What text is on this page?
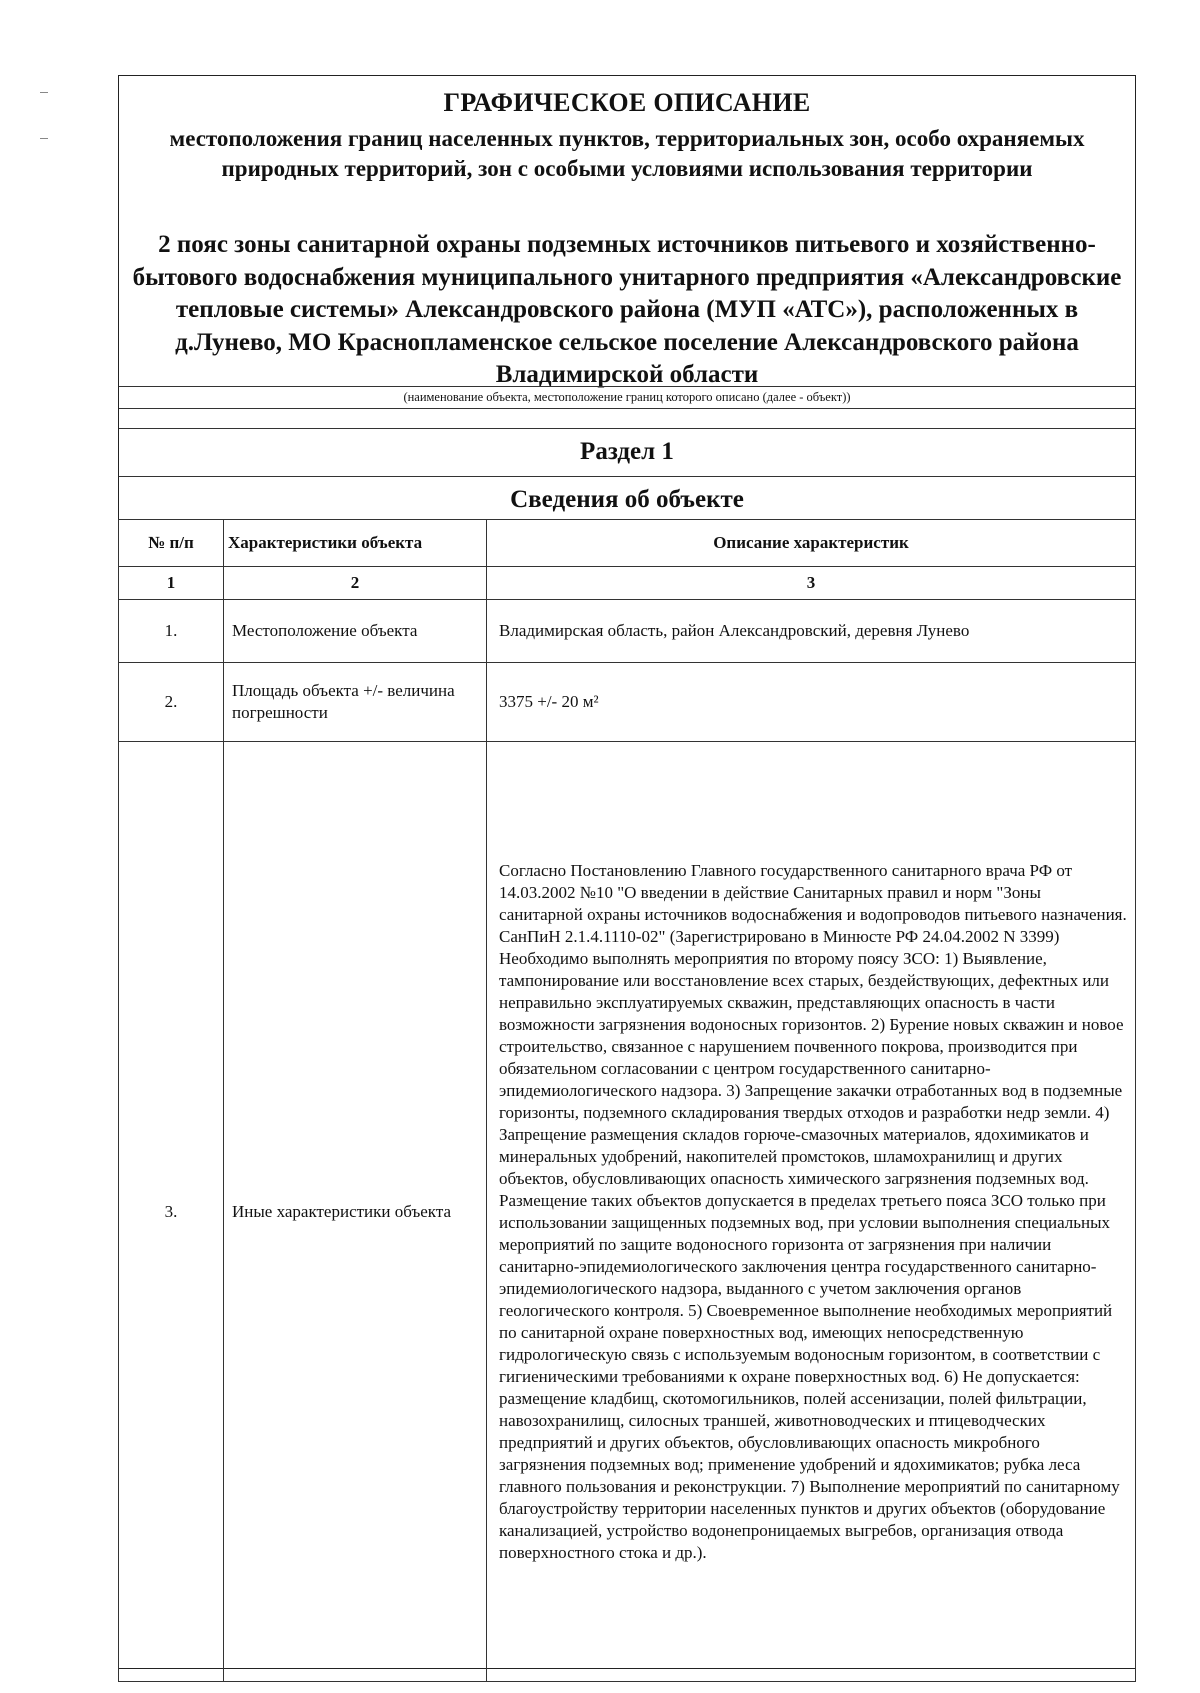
ГРАФИЧЕСКОЕ ОПИСАНИЕ
местоположения границ населенных пунктов, территориальных зон, особо охраняемых природных территорий, зон с особыми условиями использования территории
2 пояс зоны санитарной охраны подземных источников питьевого и хозяйственно-бытового водоснабжения муниципального унитарного предприятия «Александровские тепловые системы» Александровского района (МУП «АТС»), расположенных в д.Лунево, МО Краснопламенское сельское поселение Александровского района Владимирской области
(наименование объекта, местоположение границ которого описано (далее - объект))
Раздел 1
Сведения об объекте
№ п/п	Характеристики объекта	Описание характеристик
1	2	3
1.	Местоположение объекта	Владимирская область, район Александровский, деревня Лунево
2.	Площадь объекта +/- величина погрешности	3375 +/- 20 м²
3.	Иные характеристики объекта	Согласно Постановлению Главного государственного санитарного врача РФ от 14.03.2002 №10 "О введении в действие Санитарных правил и норм "Зоны санитарной охраны источников водоснабжения и водопроводов питьевого назначения. СанПиН 2.1.4.1110-02" (Зарегистрировано в Минюсте РФ 24.04.2002 N 3399) Необходимо выполнять мероприятия по второму поясу ЗСО: 1) Выявление, тампонирование или восстановление всех старых, бездействующих, дефектных или неправильно эксплуатируемых скважин, представляющих опасность в части возможности загрязнения водоносных горизонтов. 2) Бурение новых скважин и новое строительство, связанное с нарушением почвенного покрова, производится при обязательном согласовании с центром государственного санитарно-эпидемиологического надзора. 3) Запрещение закачки отработанных вод в подземные горизонты, подземного складирования твердых отходов и разработки недр земли. 4) Запрещение размещения складов горюче-смазочных материалов, ядохимикатов и минеральных удобрений, накопителей промстоков, шламохранилищ и других объектов, обусловливающих опасность химического загрязнения подземных вод. Размещение таких объектов допускается в пределах третьего пояса ЗСО только при использовании защищенных подземных вод, при условии выполнения специальных мероприятий по защите водоносного горизонта от загрязнения при наличии санитарно-эпидемиологического заключения центра государственного санитарно-эпидемиологического надзора, выданного с учетом заключения органов геологического контроля. 5) Своевременное выполнение необходимых мероприятий по санитарной охране поверхностных вод, имеющих непосредственную гидрологическую связь с используемым водоносным горизонтом, в соответствии с гигиеническими требованиями к охране поверхностных вод. 6) Не допускается: размещение кладбищ, скотомогильников, полей ассенизации, полей фильтрации, навозохранилищ, силосных траншей, животноводческих и птицеводческих предприятий и других объектов, обусловливающих опасность микробного загрязнения подземных вод; применение удобрений и ядохимикатов; рубка леса главного пользования и реконструкции. 7) Выполнение мероприятий по санитарному благоустройству территории населенных пунктов и других объектов (оборудование канализацией, устройство водонепроницаемых выгребов, организация отвода поверхностного стока и др.).
